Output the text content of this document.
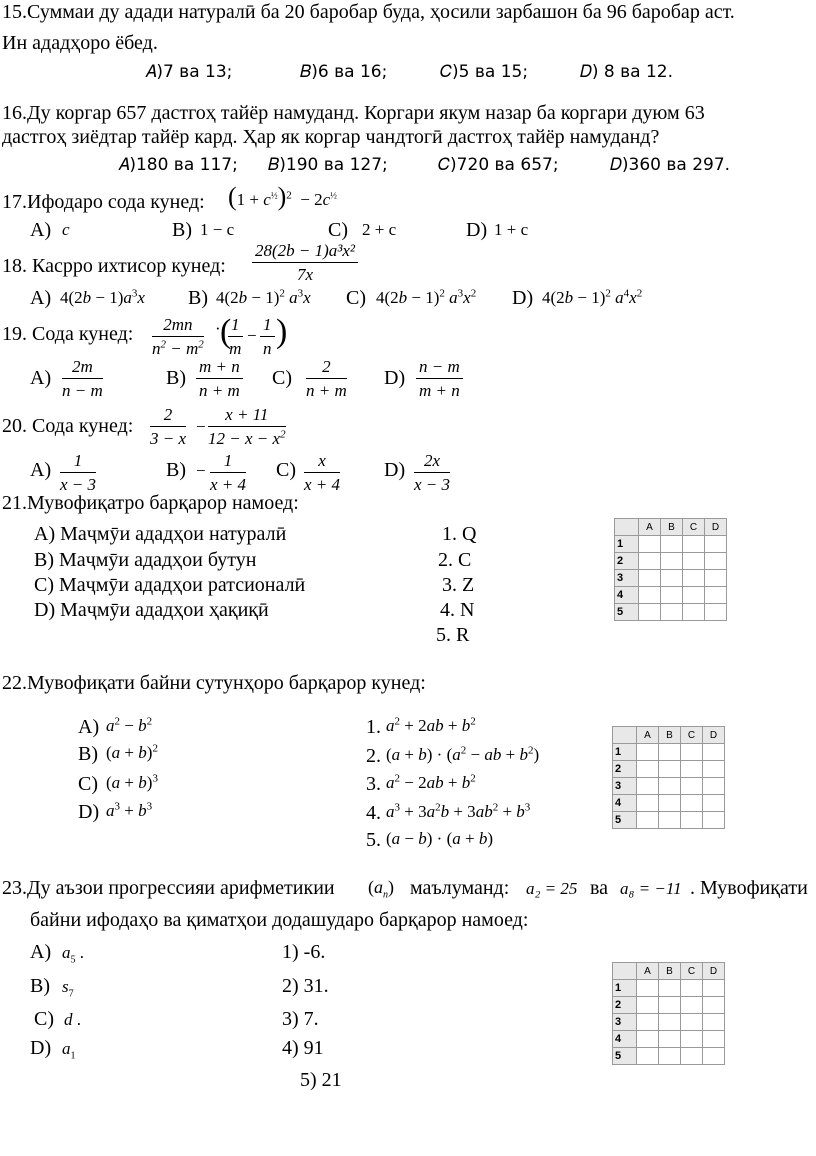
15.Суммаи ду адади натуралӣ ба 20 баробар буда, ҳосили зарбашон ба 96 баробар аст.
Ин ададҳоро ёбед.
𝐴)7 ва 13;	𝐵)6 ва 16;	𝐶)5 ва 15;	𝐷) 8 ва 12.
16.Ду коргар 657 дастгоҳ тайёр намуданд. Коргари якум назар ба коргари дуюм 63
дастгоҳ зиёдтар тайёр кард. Ҳар як коргар чандтогӣ дастгоҳ тайёр намуданд?
𝐴)180 ва 117; 𝐵)190 ва 127;	𝐶)720 ва 657;	𝐷)360 ва 297.
17.Ифодаро сода кунед: $(1 + c^{\frac{1}{2}})^2 - 2c^{\frac{1}{2}}$
A) c	B) 1 − c	C) 2 + c	D) 1 + c
18. Касрро ихтисор кунед: $\frac{\text{28(2b − 1)a³x²}}{7x}$
A) $4(2b - 1)a^3x$ B) $4(2b - 1)^2$ $a^3x$ C) $4(2b - 1)^2$ $a^3x^2$ D) $4(2b - 1)^2$ $a^4x^2$
19. Сода кунед: $\frac{2mn}{n^2 - m^2}$ · (
$\frac{1}{m} - \frac{1}{n}$ )
$A) \frac{2m}{n - m}$	$B) \frac{m + n}{n + m} C) \frac{2}{n + m} D) \frac{n - m}{m + n}$
20. Сода кунед: $\frac{2}{3 - x} - \frac{x + 11}{12 - x - x^2}$
$A) \frac{1}{x - 3}$	$B) - \frac{1}{x + 4} C) \frac{x}{x + 4} D) \frac{2x}{x - 3}$
21.Мувофиқатро барқарор намоед:
A) Маҷмӯи ададҳои натуралӣ
B) Маҷмӯи ададҳои бутун
C) Маҷмӯи ададҳои ратсионалӣ
D) Маҷмӯи ададҳои ҳақиқӣ
1. Q
2. C
3. Z
4. N
5. R
	A	B	C	D
1				
2				
3				
4				
5				
22.Мувофиқати байни сутунҳоро барқарор кунед:
A) $a^2 - b^2$
B) $(a + b)^2$
C) $(a + b)^3$
D) $a^3 + b^3$
1. $a^2 + 2ab + b^2$
2. $(a + b) \cdot (a^2$ − ab + $b^2$)
3. $a^2 - 2ab + b^2$
4. $a^3 + 3a^2b + 3ab^2 + b^3$
5. (a − b) · (a + b)
	A	B	C	D
1				
2				
3				
4				
5				
23.Ду аъзои прогрессияи арифметикии $(a_n)$ маълуманд: a₂ = 25 ва a₈ = −11 . Мувофиқати
байни ифодаҳо ва қиматҳои додашударо барқарор намоед:
A) $a_5$ .
B) $s_7$
C) d .
D) $a_1$
1) -6.
2) 31.
3) 7.
4) 91
5) 21
	A	B	C	D
1				
2				
3				
4				
5				
